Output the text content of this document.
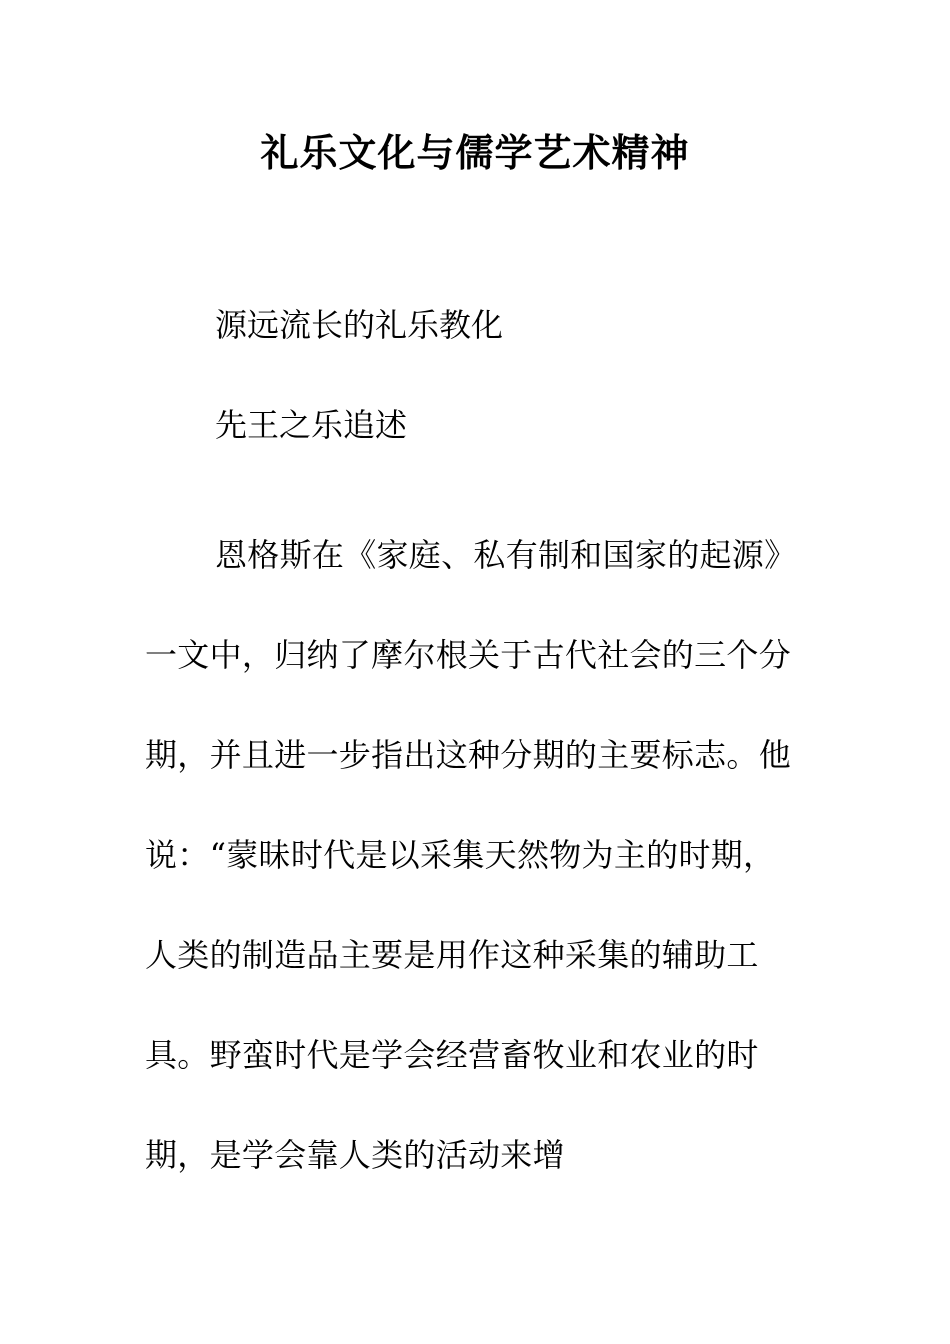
礼乐文化与儒学艺术精神
源远流长的礼乐教化
先王之乐追述

恩格斯在《家庭、私有制和国家的起源》一文中，归纳了摩尔根关于古代社会的三个分期，并且进一步指出这种分期的主要标志。他说：“蒙昧时代是以采集天然物为主的时期，人类的制造品主要是用作这种采集的辅助工具。野蛮时代是学会经营畜牧业和农业的时期，是学会靠人类的活动来增
